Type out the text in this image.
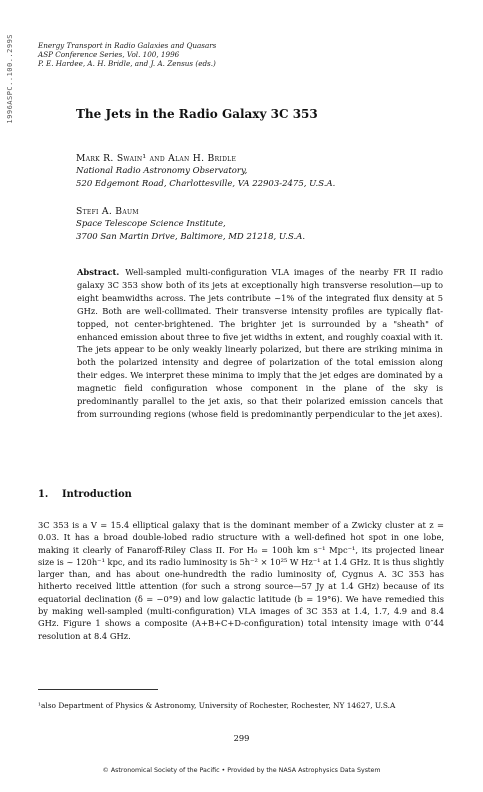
1996ASPC..100..299S	Energy Transport in Radio Galaxies and Quasars
ASP Conference Series, Vol. 100, 1996
P. E. Hardee, A. H. Bridle, and J. A. Zensus (eds.)
The Jets in the Radio Galaxy 3C 353
Mark R. Swain¹ and Alan H. Bridle
National Radio Astronomy Observatory,
520 Edgemont Road, Charlottesville, VA 22903-2475, U.S.A.
Stefi A. Baum
Space Telescope Science Institute,
3700 San Martin Drive, Baltimore, MD 21218, U.S.A.
Abstract. Well-sampled multi-configuration VLA images of the nearby FR II radio galaxy 3C 353 show both of its jets at exceptionally high transverse resolution—up to eight beamwidths across. The jets contribute ~1% of the integrated flux density at 5 GHz. Both are well-collimated. Their transverse intensity profiles are typically flat-topped, not center-brightened. The brighter jet is surrounded by a "sheath" of enhanced emission about three to five jet widths in extent, and roughly coaxial with it. The jets appear to be only weakly linearly polarized, but there are striking minima in both the polarized intensity and degree of polarization of the total emission along their edges. We interpret these minima to imply that the jet edges are dominated by a magnetic field configuration whose component in the plane of the sky is predominantly parallel to the jet axis, so that their polarized emission cancels that from surrounding regions (whose field is predominantly perpendicular to the jet axes).
1. Introduction
3C 353 is a V = 15.4 elliptical galaxy that is the dominant member of a Zwicky cluster at z = 0.03. It has a broad double-lobed radio structure with a well-defined hot spot in one lobe, making it clearly of Fanaroff-Riley Class II. For H₀ = 100h km s⁻¹ Mpc⁻¹, its projected linear size is ~ 120h⁻¹ kpc, and its radio luminosity is 5h⁻² × 10²⁵ W Hz⁻¹ at 1.4 GHz. It is thus slightly larger than, and has about one-hundredth the radio luminosity of, Cygnus A. 3C 353 has hitherto received little attention (for such a strong source—57 Jy at 1.4 GHz) because of its equatorial declination (δ = −0°9) and low galactic latitude (b = 19°6). We have remedied this by making well-sampled (multi-configuration) VLA images of 3C 353 at 1.4, 1.7, 4.9 and 8.4 GHz. Figure 1 shows a composite (A+B+C+D-configuration) total intensity image with 0″44 resolution at 8.4 GHz.
¹also Department of Physics & Astronomy, University of Rochester, Rochester, NY 14627, U.S.A
299
© Astronomical Society of the Pacific • Provided by the NASA Astrophysics Data System
